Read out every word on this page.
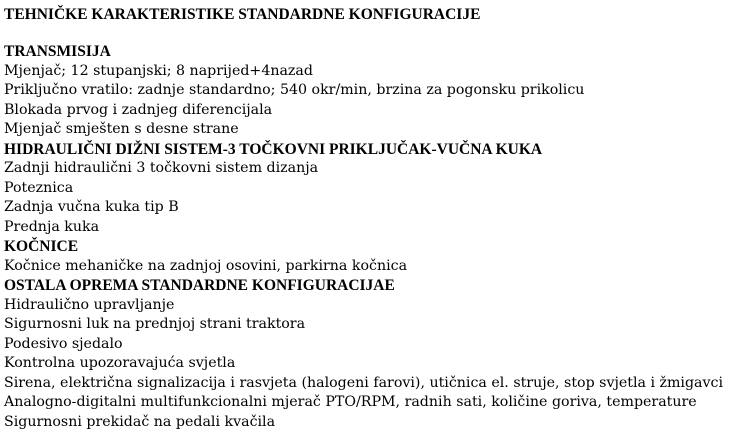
TEHNIČKE KARAKTERISTIKE STANDARDNE KONFIGURACIJE
TRANSMISIJA
Mjenjač; 12 stupanjski; 8 naprijed+4nazad
Priključno vratilo: zadnje standardno; 540 okr/min, brzina za pogonsku prikolicu
Blokada prvog i zadnjeg diferencijala
Mjenjač smješten s desne strane
HIDRAULIČNI DIŽNI SISTEM-3 TOČKOVNI PRIKLJUČAK-VUČNA KUKA
Zadnji hidraulični 3 točkovni sistem dizanja
Poteznica
Zadnja vučna kuka tip B
Prednja kuka
KOČNICE
Kočnice mehaničke na zadnjoj osovini, parkirna kočnica
OSTALA OPREMA STANDARDNE KONFIGURACIJAE
Hidraulično upravljanje
Sigurnosni luk na prednjoj strani traktora
Podesivo sjedalo
Kontrolna upozoravajuća svjetla
Sirena, električna signalizacija i rasvjeta (halogeni farovi), utičnica el. struje, stop svjetla i žmigavci
Analogno-digitalni multifunkcionalni mjerač PTO/RPM, radnih sati, količine goriva, temperature
Sigurnosni prekidač na pedali kvačila
